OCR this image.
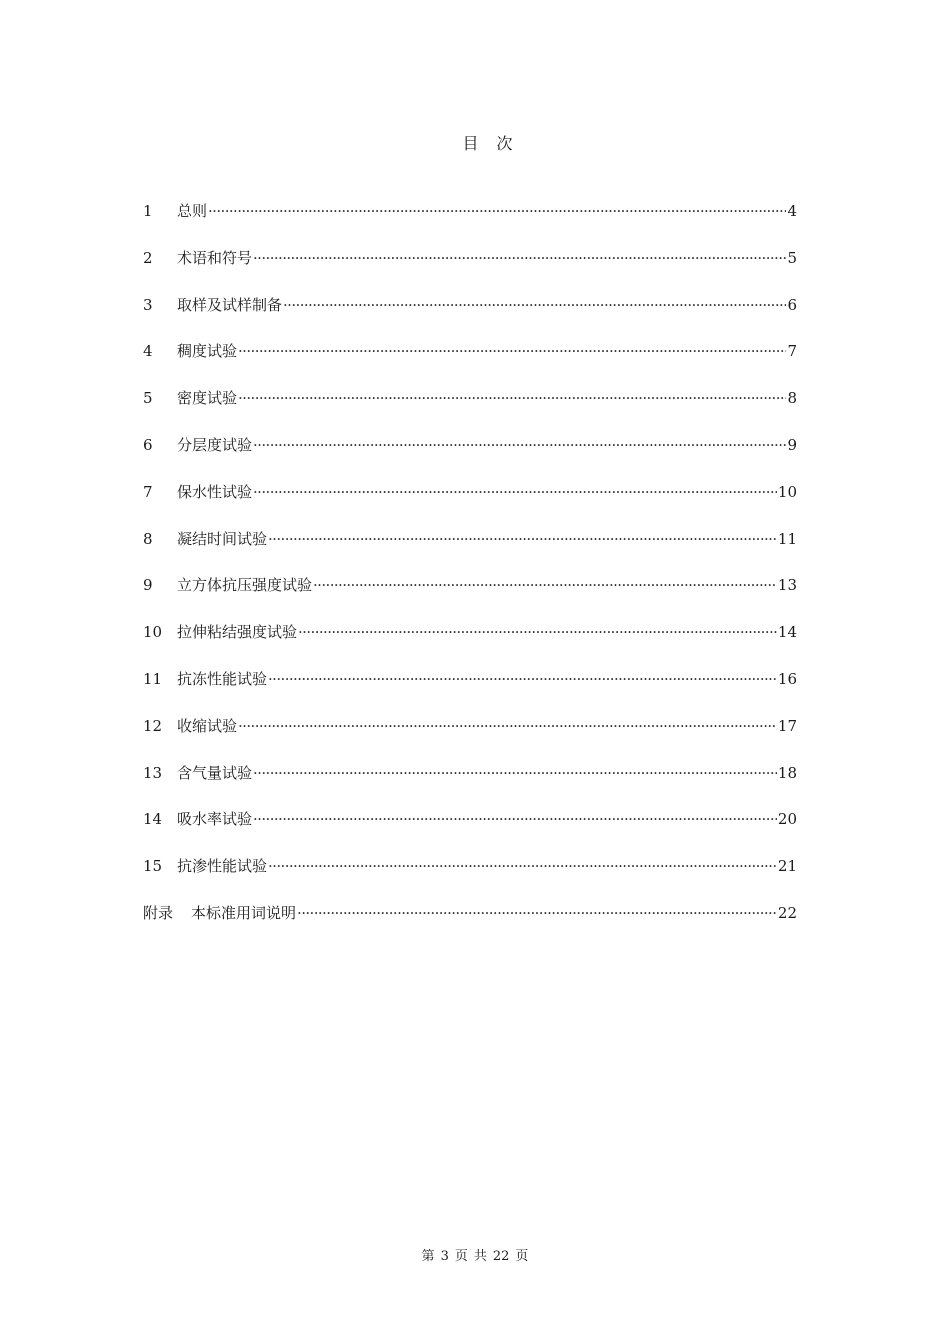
目 次
1	总则 ·····	4
2	术语和符号 ·····	5
3	取样及试样制备 ·····	6
4	稠度试验 ·····	7
5	密度试验 ·····	8
6	分层度试验 ·····	9
7	保水性试验 ·····	10
8	凝结时间试验 ·····	11
9	立方体抗压强度试验 ·····	13
10 拉伸粘结强度试验 ·····	14
11 抗冻性能试验 ·····	16
12 收缩试验 ·····	17
13 含气量试验 ·····	18
14 吸水率试验 ·····	20
15 抗渗性能试验 ·····	21
附录 本标准用词说明 ·····	22
第 3 页 共 22 页
